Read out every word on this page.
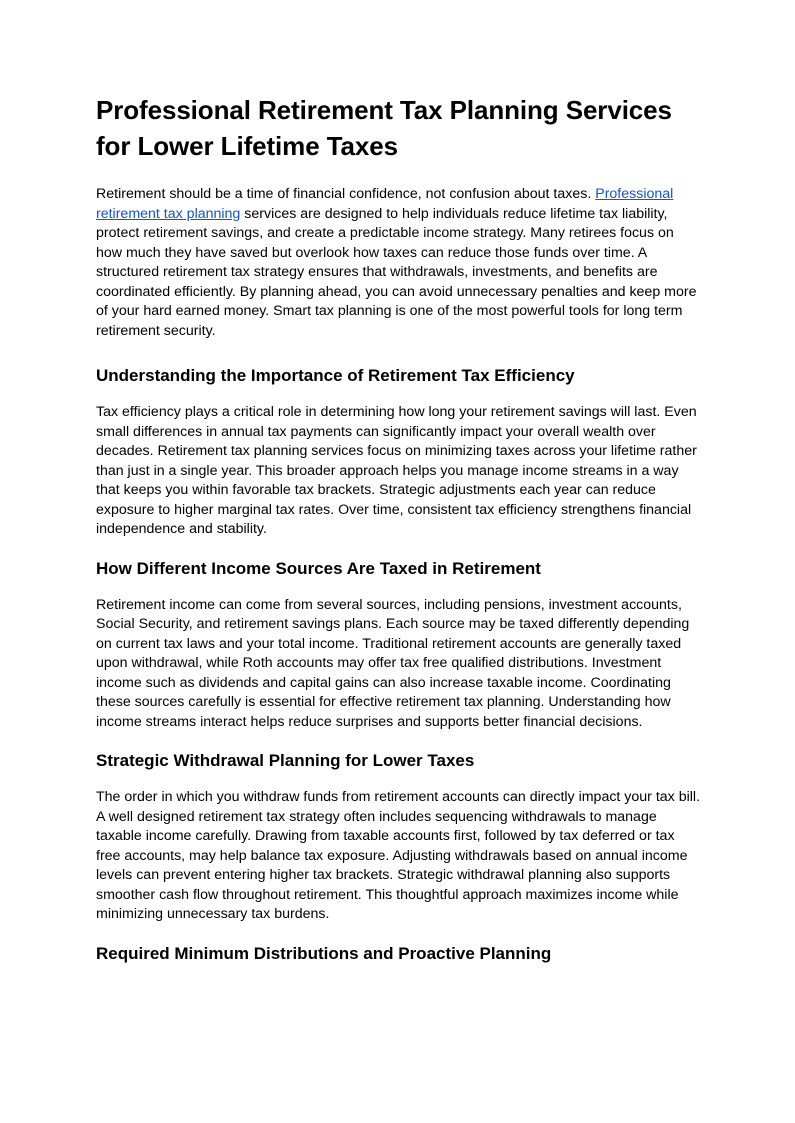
Professional Retirement Tax Planning Services for Lower Lifetime Taxes

Retirement should be a time of financial confidence, not confusion about taxes. Professional retirement tax planning services are designed to help individuals reduce lifetime tax liability, protect retirement savings, and create a predictable income strategy. Many retirees focus on how much they have saved but overlook how taxes can reduce those funds over time. A structured retirement tax strategy ensures that withdrawals, investments, and benefits are coordinated efficiently. By planning ahead, you can avoid unnecessary penalties and keep more of your hard earned money. Smart tax planning is one of the most powerful tools for long term retirement security.

Understanding the Importance of Retirement Tax Efficiency

Tax efficiency plays a critical role in determining how long your retirement savings will last. Even small differences in annual tax payments can significantly impact your overall wealth over decades. Retirement tax planning services focus on minimizing taxes across your lifetime rather than just in a single year. This broader approach helps you manage income streams in a way that keeps you within favorable tax brackets. Strategic adjustments each year can reduce exposure to higher marginal tax rates. Over time, consistent tax efficiency strengthens financial independence and stability.

How Different Income Sources Are Taxed in Retirement

Retirement income can come from several sources, including pensions, investment accounts, Social Security, and retirement savings plans. Each source may be taxed differently depending on current tax laws and your total income. Traditional retirement accounts are generally taxed upon withdrawal, while Roth accounts may offer tax free qualified distributions. Investment income such as dividends and capital gains can also increase taxable income. Coordinating these sources carefully is essential for effective retirement tax planning. Understanding how income streams interact helps reduce surprises and supports better financial decisions.

Strategic Withdrawal Planning for Lower Taxes

The order in which you withdraw funds from retirement accounts can directly impact your tax bill. A well designed retirement tax strategy often includes sequencing withdrawals to manage taxable income carefully. Drawing from taxable accounts first, followed by tax deferred or tax free accounts, may help balance tax exposure. Adjusting withdrawals based on annual income levels can prevent entering higher tax brackets. Strategic withdrawal planning also supports smoother cash flow throughout retirement. This thoughtful approach maximizes income while minimizing unnecessary tax burdens.

Required Minimum Distributions and Proactive Planning
